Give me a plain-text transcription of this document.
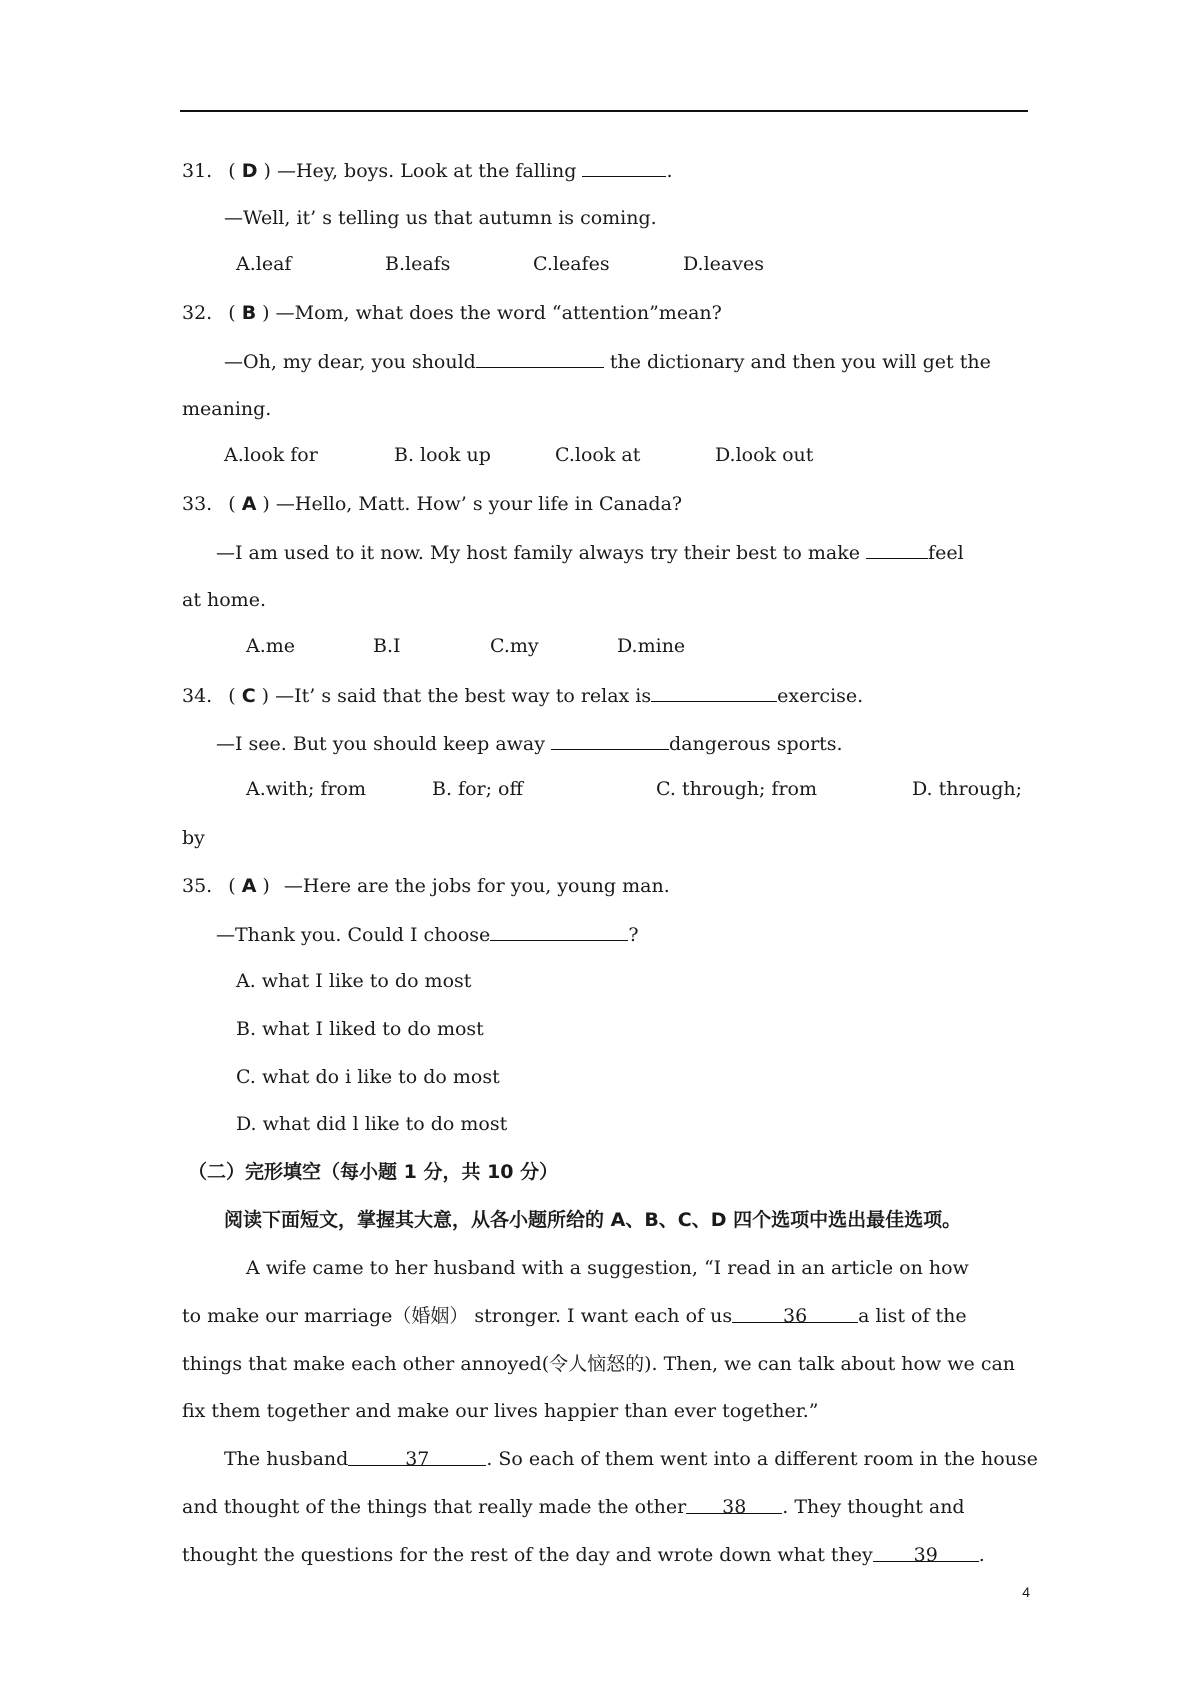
31. ( D ) —Hey, boys. Look at the falling	.
—Well, it’ s telling us that autumn is coming.
A.leaf	B.leafs	C.leafes	D.leaves
32. ( B ) —Mom, what does the word “attention”mean?
—Oh, my dear, you should	the dictionary and then you will get the
meaning.
A.look for	B. look up	C.look at	D.look out
33. ( A ) —Hello, Matt. How’ s your life in Canada?
—I am used to it now. My host family always try their best to make	feel
at home.
A.me	B.I	C.my	D.mine
34. ( C ) —It’ s said that the best way to relax is	exercise.
—I see. But you should keep away	dangerous sports.
A.with; from	B. for; off	C. through; from	D. through;
by
35. ( A ) —Here are the jobs for you, young man.
—Thank you. Could I choose	?
A. what I like to do most
B. what I liked to do most
C. what do i like to do most
D. what did l like to do most
（二）完形填空（每小题 1 分，共 10 分）
阅读下面短文，掌握其大意，从各小题所给的 A、B、C、D 四个选项中选出最佳选项。
A wife came to her husband with a suggestion, “I read in an article on how
to make our marriage（婚姻） stronger. I want each of us	36	a list of the
things that make each other annoyed(令人恼怒的). Then, we can talk about how we can
fix them together and make our lives happier than ever together.”
The husband	37	. So each of them went into a different room in the house
and thought of the things that really made the other 38 . They thought and
thought the questions for the rest of the day and wrote down what they 39 .
4
